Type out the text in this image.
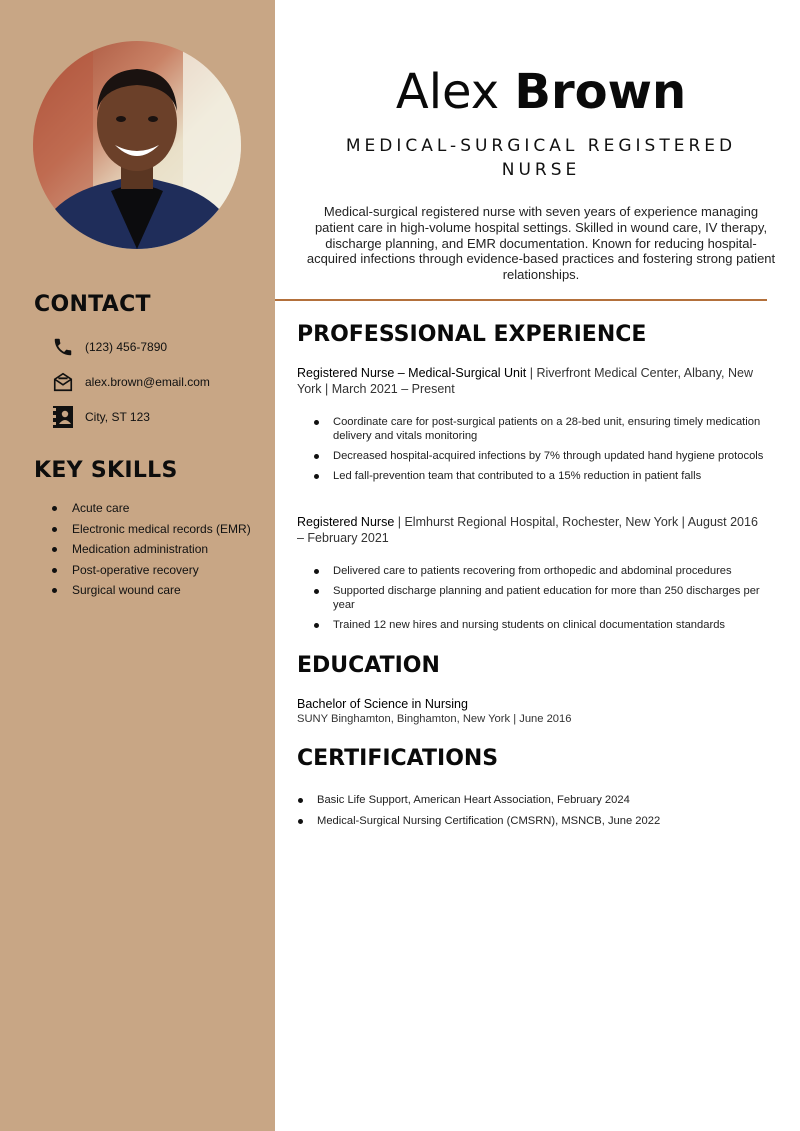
CONTACT
(123) 456-7890
alex.brown@email.com
City, ST 123
KEY SKILLS
Acute care
Electronic medical records (EMR)
Medication administration
Post-operative recovery
Surgical wound care
Alex Brown
MEDICAL-SURGICAL REGISTERED NURSE
Medical-surgical registered nurse with seven years of experience managing patient care in high-volume hospital settings. Skilled in wound care, IV therapy, discharge planning, and EMR documentation. Known for reducing hospital-acquired infections through evidence-based practices and fostering strong patient relationships.
PROFESSIONAL EXPERIENCE
Registered Nurse – Medical-Surgical Unit | Riverfront Medical Center, Albany, New York | March 2021 – Present
Coordinate care for post-surgical patients on a 28-bed unit, ensuring timely medication delivery and vitals monitoring
Decreased hospital-acquired infections by 7% through updated hand hygiene protocols
Led fall-prevention team that contributed to a 15% reduction in patient falls
Registered Nurse | Elmhurst Regional Hospital, Rochester, New York | August 2016 – February 2021
Delivered care to patients recovering from orthopedic and abdominal procedures
Supported discharge planning and patient education for more than 250 discharges per year
Trained 12 new hires and nursing students on clinical documentation standards
EDUCATION
Bachelor of Science in Nursing
SUNY Binghamton, Binghamton, New York | June 2016
CERTIFICATIONS
Basic Life Support, American Heart Association, February 2024
Medical-Surgical Nursing Certification (CMSRN), MSNCB, June 2022
